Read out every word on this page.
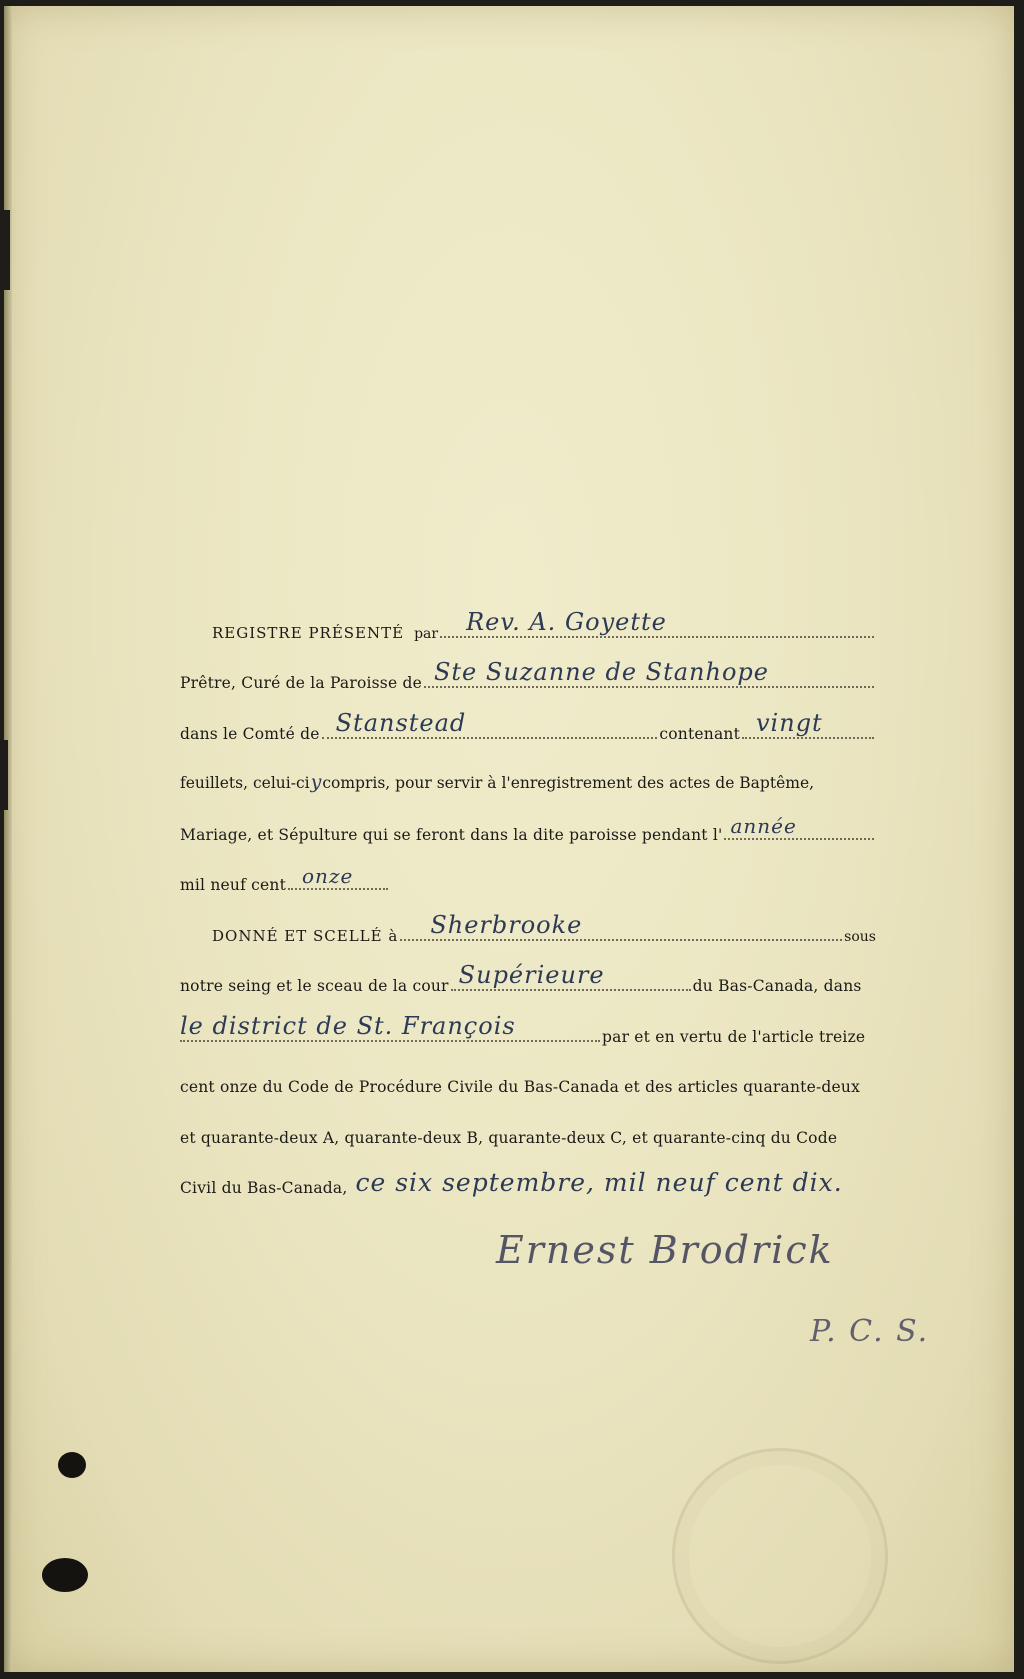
REGISTRE PRÉSENTÉ par Rev. A. Goyette
Prêtre, Curé de la Paroisse de Ste Suzanne de Stanhope
dans le Comté de Stanstead	contenant vingt
feuillets, celui-ciycompris, pour servir à l'enregistrement des actes de Baptême,
Mariage, et Sépulture qui se feront dans la dite paroisse pendant l' année
mil neuf cent onze
DONNÉ ET SCELLÉ à Sherbrooke	sous
notre seing et le sceau de la cour Supérieure	du Bas-Canada, dans
le district de St. François	par et en vertu de l'article treize
cent onze du Code de Procédure Civile du Bas-Canada et des articles quarante-deux
et quarante-deux A, quarante-deux B, quarante-deux C, et quarante-cinq du Code
Civil du Bas-Canada, ce six septembre, mil neuf cent dix.
Ernest Brodrick
P. C. S.
